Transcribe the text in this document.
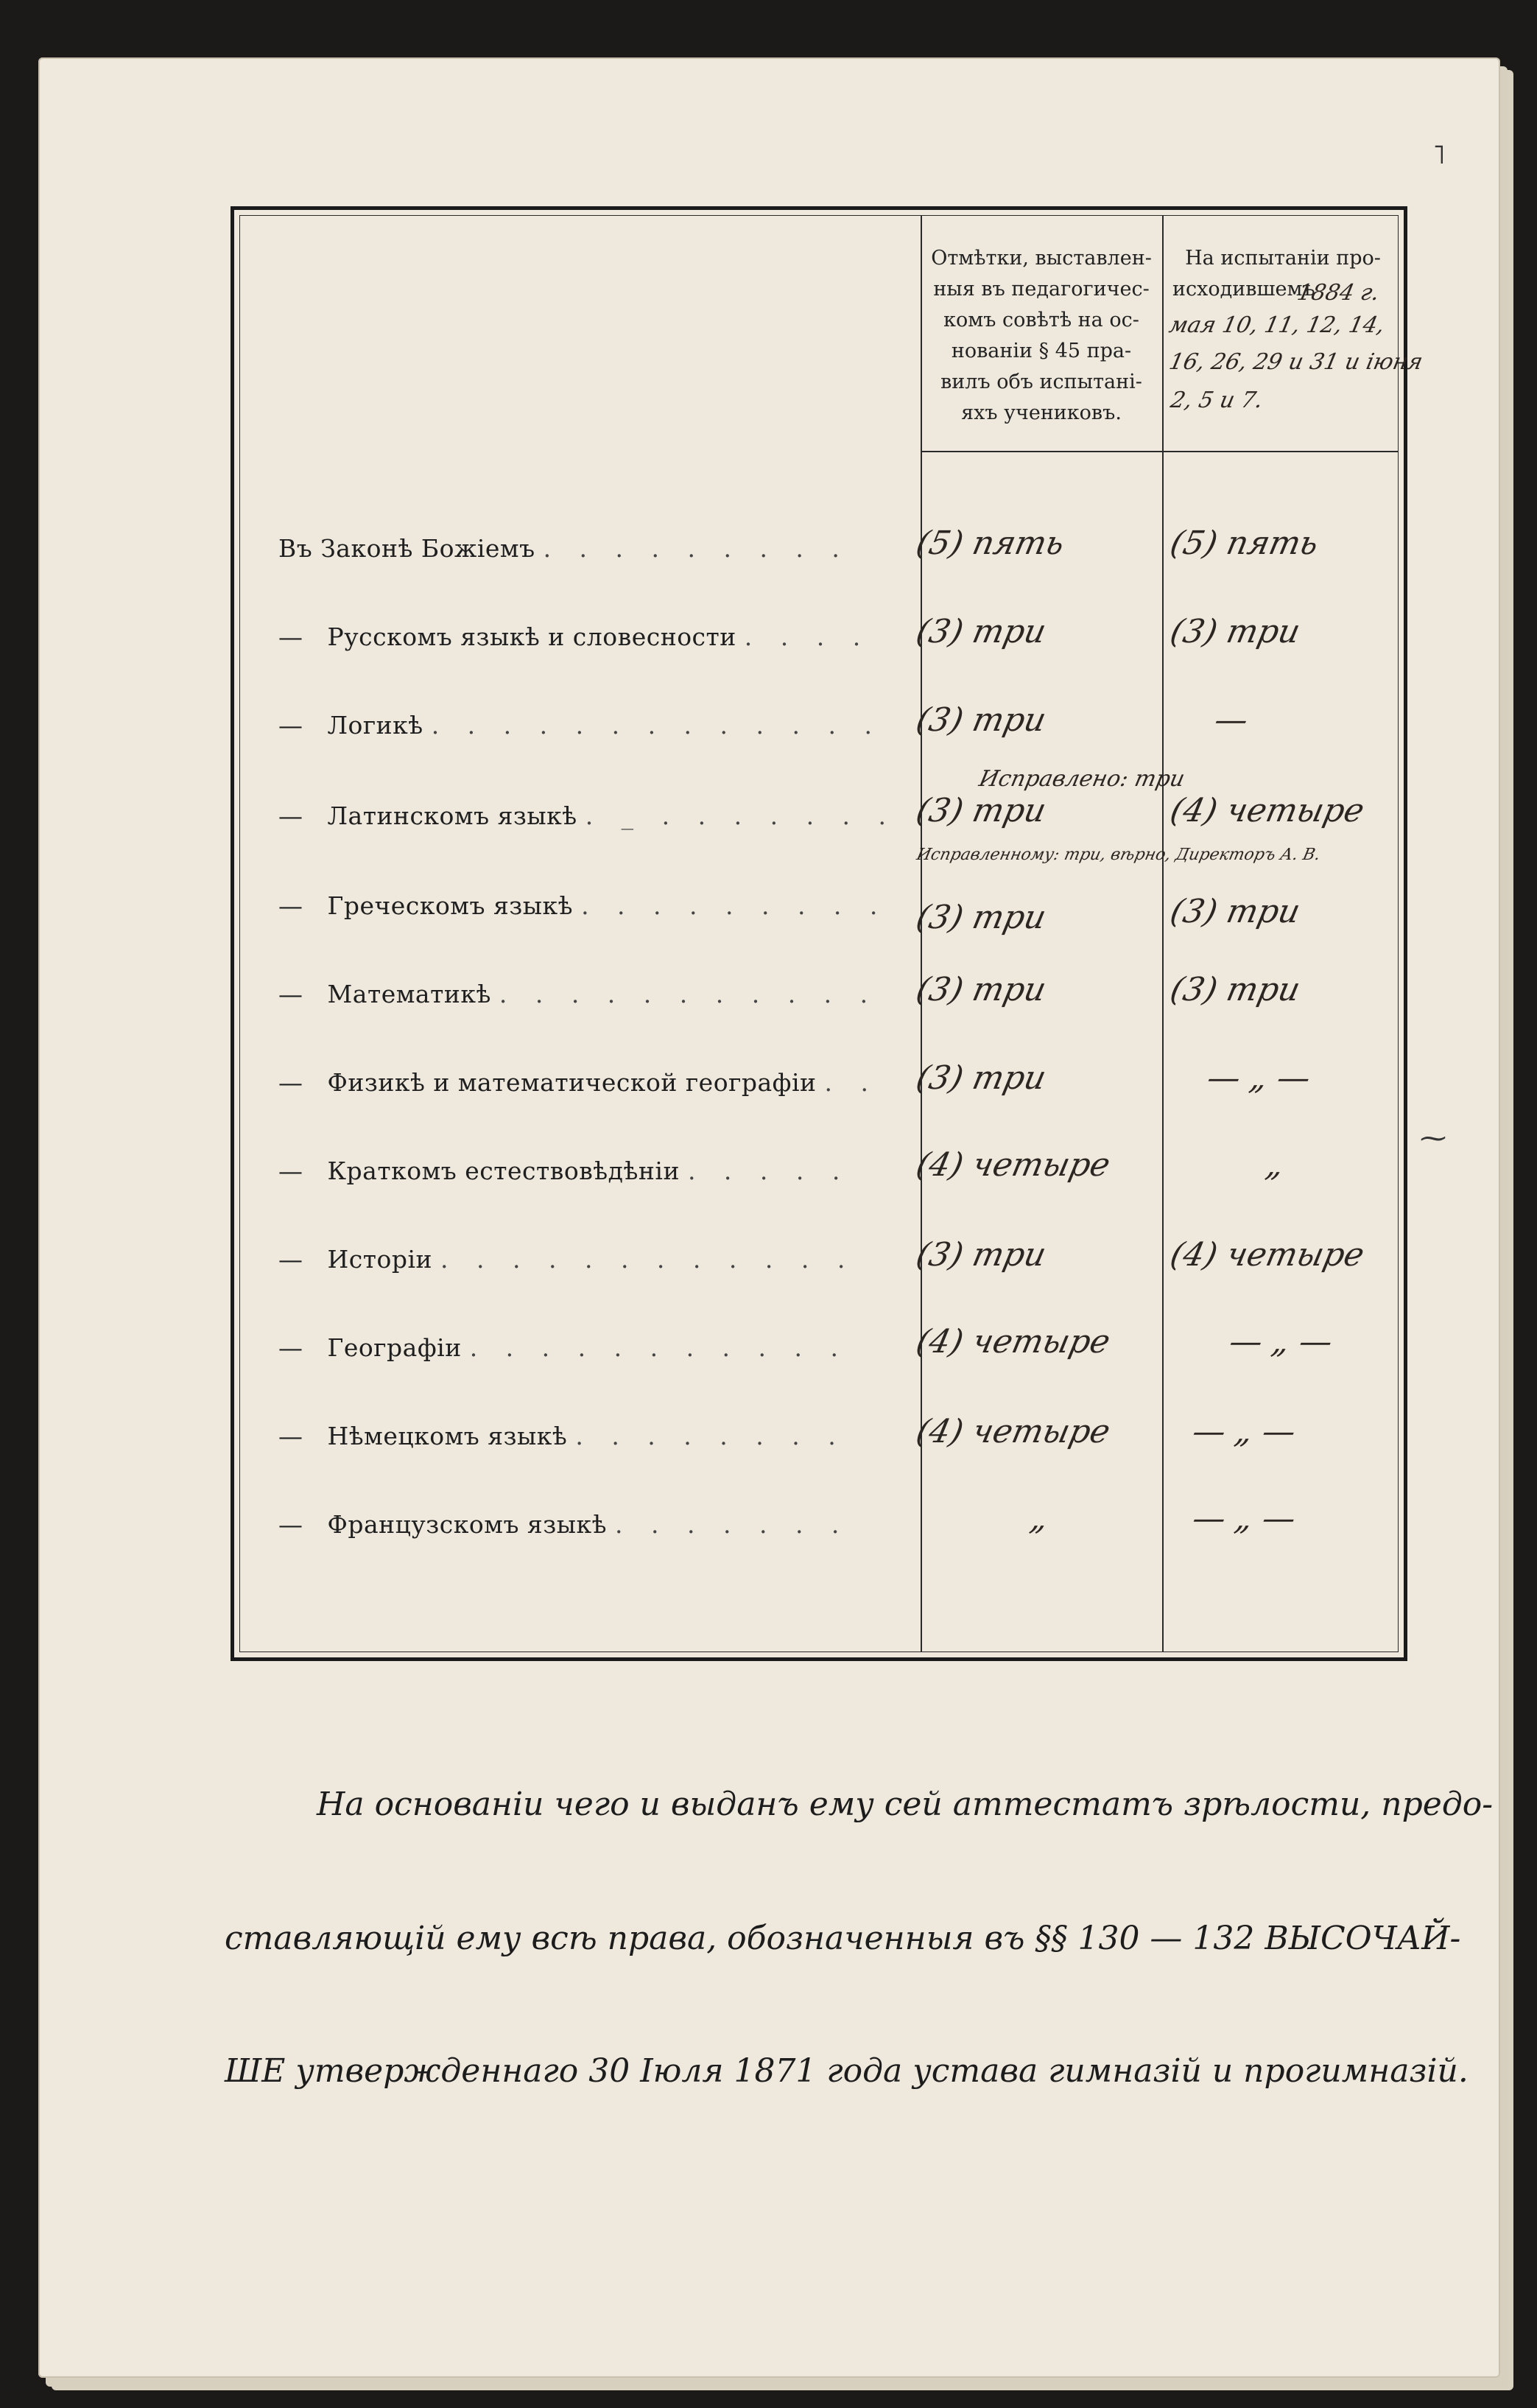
Отмѣтки, выставлен-
ныя въ педагогичес-
комъ совѣтѣ на ос-
нованіи § 45 пра-
вилъ объ испытані-
яхъ учениковъ.
На испытаніи про-
исходившемъ
1884 г.
мая 10, 11, 12, 14,
16, 26, 29 и 31 и іюня
2, 5 и 7.
Въ Законѣ Божіемъ . . . . . . . . .
— Русскомъ языкѣ и словесности . . . .
— Логикѣ . . . . . . . . . . . . .
— Латинскомъ языкѣ . _ . . . . . . .
— Греческомъ языкѣ . . . . . . . . .
— Математикѣ . . . . . . . . . . .
— Физикѣ и математической географіи . .
— Краткомъ естествовѣдѣніи . . . . .
— Исторіи . . . . . . . . . . . .
— Географіи . . . . . . . . . . .
— Нѣмецкомъ языкѣ . . . . . . . .
— Французскомъ языкѣ . . . . . . .
(5) пять
(3) три
(3) три
Исправлено: три
(3) три
Исправленному: три, вѣрно, Директоръ А. В.
(3) три
(3) три
(3) три
(4) четыре
(3) три
(4) четыре
(4) четыре
„
(5) пять
(3) три
—
(4) четыре
(3) три
(3) три
— „ —
„
(4) четыре
— „ —
— „ —
— „ —
На основаніи чего и выданъ ему сей аттестатъ зрѣлости, предо-
ставляющій ему всѣ права, обозначенныя въ §§ 130 — 132 ВЫСОЧАЙ-
ШЕ утвержденнаго 30 Іюля 1871 года устава гимназій и прогимназій.
˥
⁓
